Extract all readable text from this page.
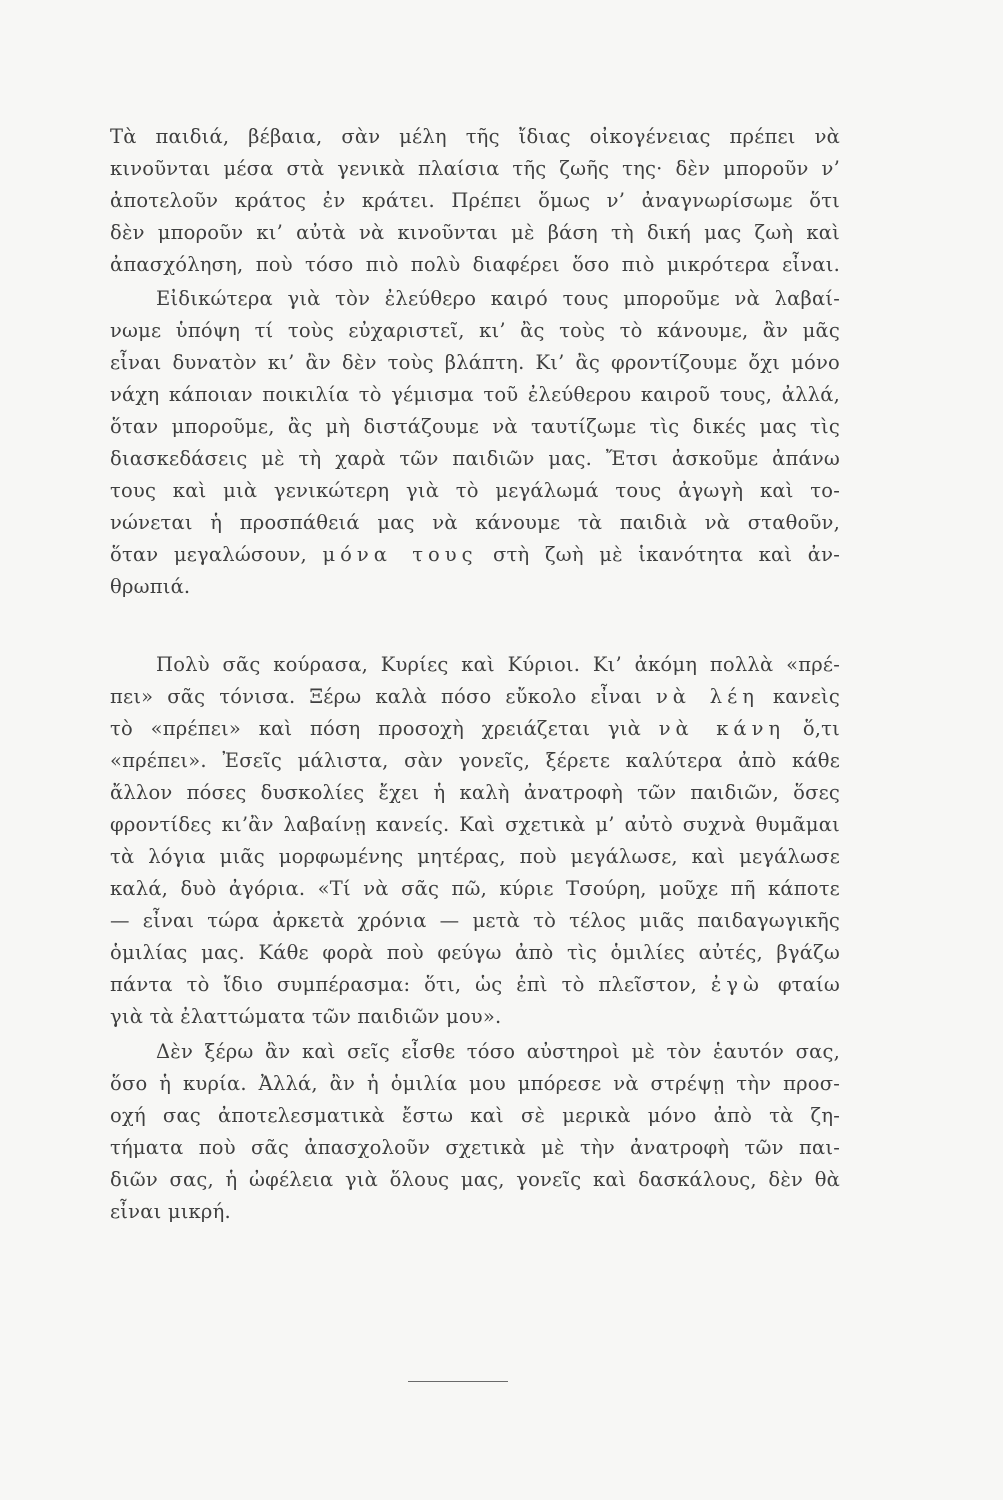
Τὰ παιδιά, βέβαια, σὰν μέλη τῆς ἴδιας οἰκογένειας πρέπει νὰ
κινοῦνται μέσα στὰ γενικὰ πλαίσια τῆς ζωῆς της· δὲν μποροῦν ν’
ἀποτελοῦν κράτος ἐν κράτει. Πρέπει ὅμως ν’ ἀναγνωρίσωμε ὅτι
δὲν μποροῦν κι’ αὐτὰ νὰ κινοῦνται μὲ βάση τὴ δική μας ζωὴ καὶ
ἀπασχόληση, ποὺ τόσο πιὸ πολὺ διαφέρει ὅσο πιὸ μικρότερα εἶναι.
Εἰδικώτερα γιὰ τὸν ἐλεύθερο καιρό τους μποροῦμε νὰ λαβαί-
νωμε ὑπόψη τί τοὺς εὐχαριστεῖ, κι’ ἂς τοὺς τὸ κάνουμε, ἂν μᾶς
εἶναι δυνατὸν κι’ ἂν δὲν τοὺς βλάπτη. Κι’ ἂς φροντίζουμε ὄχι μόνο
νάχη κάποιαν ποικιλία τὸ γέμισμα τοῦ ἐλεύθερου καιροῦ τους, ἀλλά,
ὅταν μποροῦμε, ἂς μὴ διστάζουμε νὰ ταυτίζωμε τὶς δικές μας τὶς
διασκεδάσεις μὲ τὴ χαρὰ τῶν παιδιῶν μας. Ἔτσι ἀσκοῦμε ἀπάνω
τους καὶ μιὰ γενικώτερη γιὰ τὸ μεγάλωμά τους ἀγωγὴ καὶ το-
νώνεται ἡ προσπάθειά μας νὰ κάνουμε τὰ παιδιὰ νὰ σταθοῦν,
ὅταν μεγαλώσουν, μόνα τους στὴ ζωὴ μὲ ἱκανότητα καὶ ἀν-
θρωπιά.
Πολὺ σᾶς κούρασα, Κυρίες καὶ Κύριοι. Κι’ ἀκόμη πολλὰ «πρέ-
πει» σᾶς τόνισα. Ξέρω καλὰ πόσο εὔκολο εἶναι νὰ λέη κανεὶς
τὸ «πρέπει» καὶ πόση προσοχὴ χρειάζεται γιὰ νὰ κάνη ὅ,τι
«πρέπει». Ἐσεῖς μάλιστα, σὰν γονεῖς, ξέρετε καλύτερα ἀπὸ κάθε
ἄλλον πόσες δυσκολίες ἔχει ἡ καλὴ ἀνατροφὴ τῶν παιδιῶν, ὅσες
φροντίδες κι’ἂν λαβαίνῃ κανείς. Καὶ σχετικὰ μ’ αὐτὸ συχνὰ θυμᾶμαι
τὰ λόγια μιᾶς μορφωμένης μητέρας, ποὺ μεγάλωσε, καὶ μεγάλωσε
καλά, δυὸ ἀγόρια. «Τί νὰ σᾶς πῶ, κύριε Τσούρη, μοῦχε πῆ κάποτε
— εἶναι τώρα ἀρκετὰ χρόνια — μετὰ τὸ τέλος μιᾶς παιδαγωγικῆς
ὁμιλίας μας. Κάθε φορὰ ποὺ φεύγω ἀπὸ τὶς ὁμιλίες αὐτές, βγάζω
πάντα τὸ ἴδιο συμπέρασμα: ὅτι, ὡς ἐπὶ τὸ πλεῖστον, ἐγὼ φταίω
γιὰ τὰ ἐλαττώματα τῶν παιδιῶν μου».
Δὲν ξέρω ἂν καὶ σεῖς εἶσθε τόσο αὐστηροὶ μὲ τὸν ἑαυτόν σας,
ὅσο ἡ κυρία. Ἀλλά, ἂν ἡ ὁμιλία μου μπόρεσε νὰ στρέψῃ τὴν προσ-
οχή σας ἀποτελεσματικὰ ἔστω καὶ σὲ μερικὰ μόνο ἀπὸ τὰ ζη-
τήματα ποὺ σᾶς ἀπασχολοῦν σχετικὰ μὲ τὴν ἀνατροφὴ τῶν παι-
διῶν σας, ἡ ὠφέλεια γιὰ ὅλους μας, γονεῖς καὶ δασκάλους, δὲν θὰ
εἶναι μικρή.
